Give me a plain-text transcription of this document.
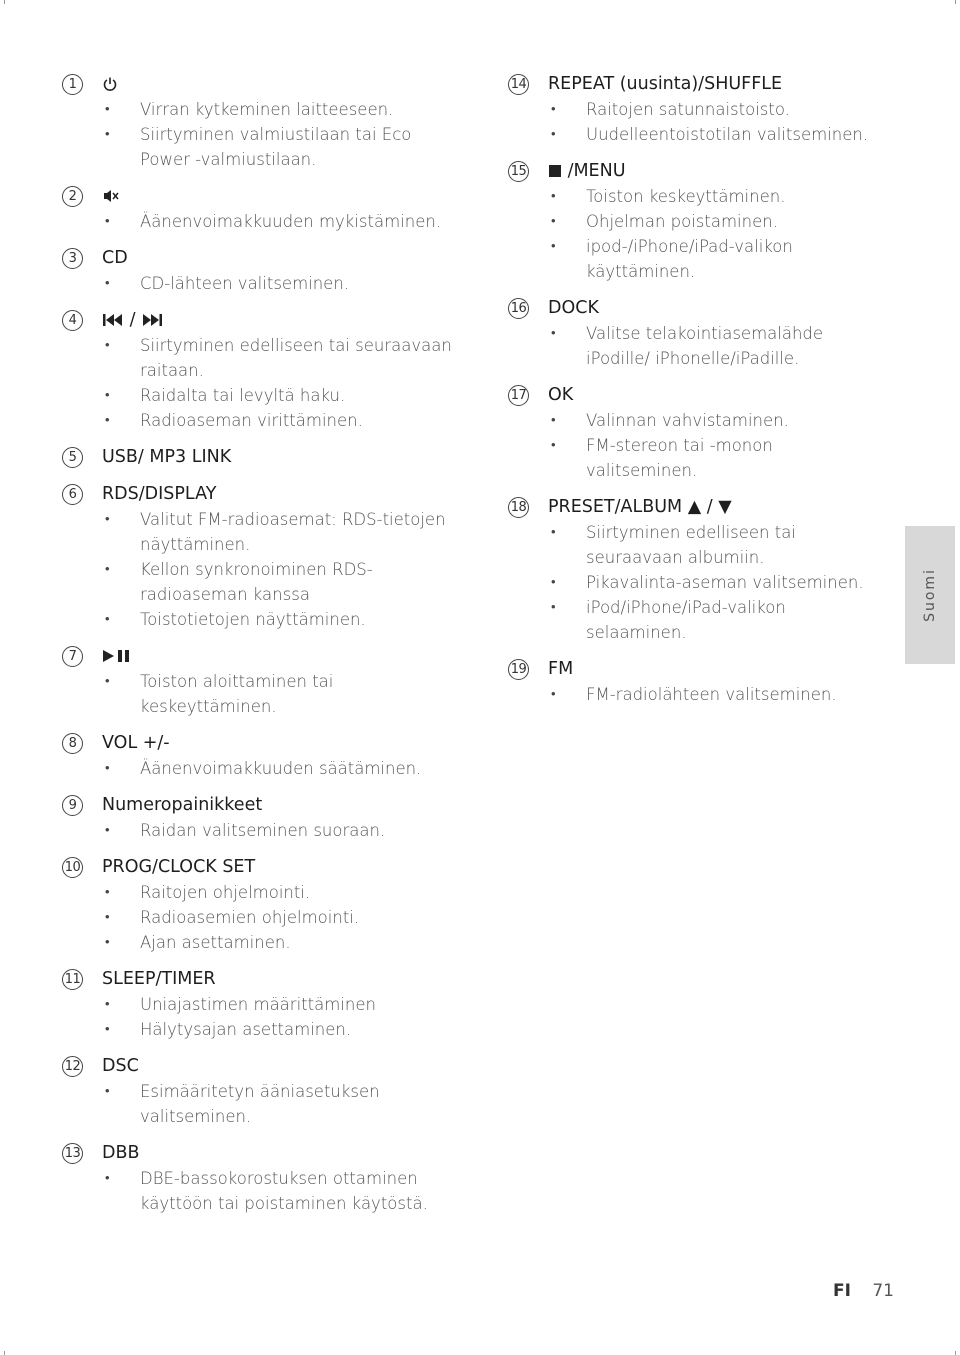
1
• Virran kytkeminen laitteeseen.
• Siirtyminen valmiustilaan tai Eco Power -valmiustilaan.
2
• Äänenvoimakkuuden mykistäminen.
3	CD
• CD-lähteen valitseminen.
4	/
• Siirtyminen edelliseen tai seuraavaan raitaan.
• Raidalta tai levyltä haku.
• Radioaseman virittäminen.
5	USB/ MP3 LINK
6	RDS/DISPLAY
• Valitut FM-radioasemat: RDS-tietojen näyttäminen.
• Kellon synkronoiminen RDS-radioaseman kanssa
• Toistotietojen näyttäminen.
7
• Toiston aloittaminen tai keskeyttäminen.
8	VOL +/-
• Äänenvoimakkuuden säätäminen.
9	Numeropainikkeet
• Raidan valitseminen suoraan.
10 PROG/CLOCK SET
• Raitojen ohjelmointi.
• Radioasemien ohjelmointi.
• Ajan asettaminen.
11 SLEEP/TIMER
• Uniajastimen määrittäminen
• Hälytysajan asettaminen.
12 DSC
• Esimääritetyn ääniasetuksen valitseminen.
13 DBB
• DBE-bassokorostuksen ottaminen käyttöön tai poistaminen käytöstä.
14 REPEAT (uusinta)/SHUFFLE
• Raitojen satunnaistoisto.
• Uudelleentoistotilan valitseminen.
15	/MENU
• Toiston keskeyttäminen.
• Ohjelman poistaminen.
• ipod-/iPhone/iPad-valikon käyttäminen.
16 DOCK
• Valitse telakointiasemalähde iPodille/ iPhonelle/iPadille.
17 OK
• Valinnan vahvistaminen.
• FM-stereon tai -monon valitseminen.
18 PRESET/ALBUM ▲ / ▼
• Siirtyminen edelliseen tai seuraavaan albumiin.
• Pikavalinta-aseman valitseminen.
• iPod/iPhone/iPad-valikon selaaminen.
19 FM
• FM-radiolähteen valitseminen.
Suomi
FI 71
